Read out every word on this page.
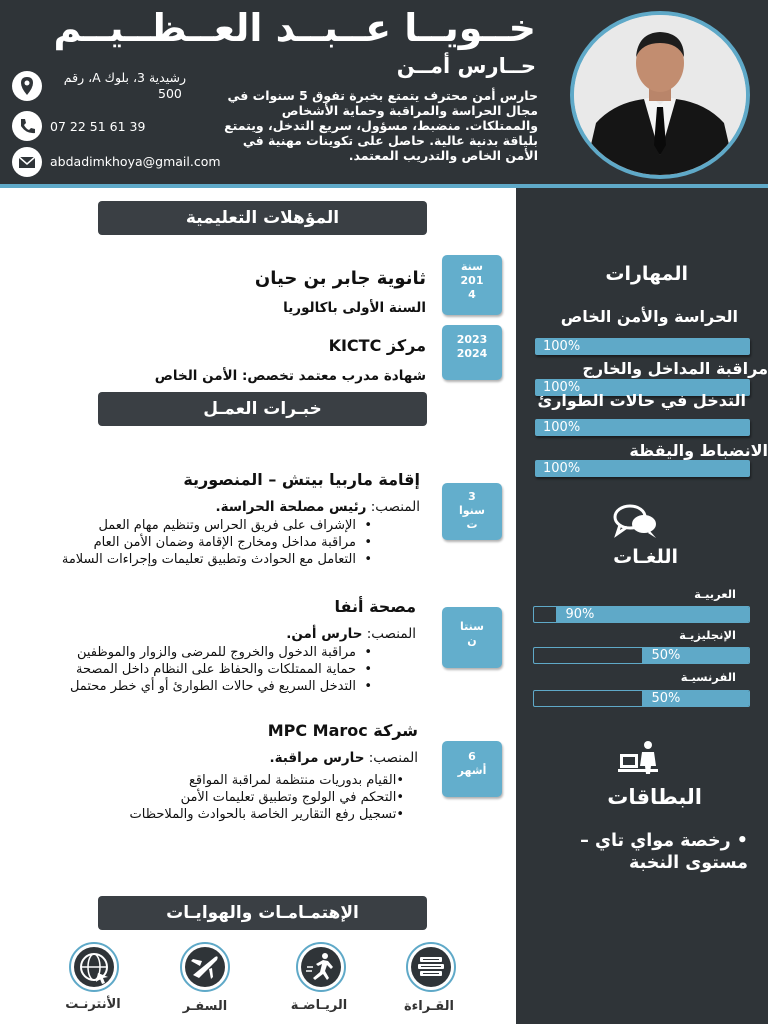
خــويــا عــبــد العــظــيــم
حــارس أمــن
حارس أمن محترف يتمتع بخبرة تفوق 5 سنوات في مجال الحراسة والمراقبة وحماية الأشخاص والممتلكات. منضبط، مسؤول، سريع التدخل، ويتمتع بلياقة بدنية عالية. حاصل على تكوينات مهنية في الأمن الخاص والتدريب المعتمد.
رشيدية 3، بلوك A، رقم
500
07 22 51 61 39
abdadimkhoya@gmail.com
المهارات
الحراسة والأمن الخاص
100%
مراقبة المداخل والخارج
100%
التدخل في حالات الطوارئ
100%
الانضباط واليقظة
100%
اللغـات
العربيـة
90%
الإنجليزيـة
50%
الفرنسيـة
50%
البطاقات
• رخصة مواي تاي – مستوى النخبة
المؤهلات التعليمية
سنة
201
4
ثانوية جابر بن حيان
السنة الأولى باكالوريا
2023
2024
مركز KICTC
شهادة مدرب معتمد تخصص: الأمن الخاص
خبـرات العمـل
3
سنوا
ت
إقامة ماربيا بيتش – المنصورية
المنصب: رئيس مصلحة الحراسة.
• الإشراف على فريق الحراس وتنظيم مهام العمل
• مراقبة مداخل ومخارج الإقامة وضمان الأمن العام
• التعامل مع الحوادث وتطبيق تعليمات وإجراءات السلامة
سنتا
ن
مصحة أنفا
المنصب: حارس أمن.
• مراقبة الدخول والخروج للمرضى والزوار والموظفين
• حماية الممتلكات والحفاظ على النظام داخل المصحة
• التدخل السريع في حالات الطوارئ أو أي خطر محتمل
6
أشهر
شركة MPC Maroc
المنصب: حارس مراقبة.
•القيام بدوريات منتظمة لمراقبة المواقع
•التحكم في الولوج وتطبيق تعليمات الأمن
•تسجيل رفع التقارير الخاصة بالحوادث والملاحظات
الإهتمـامـات والهوايـات
الأنترنـت	السفـر	الريـاضـة	القـراءة
